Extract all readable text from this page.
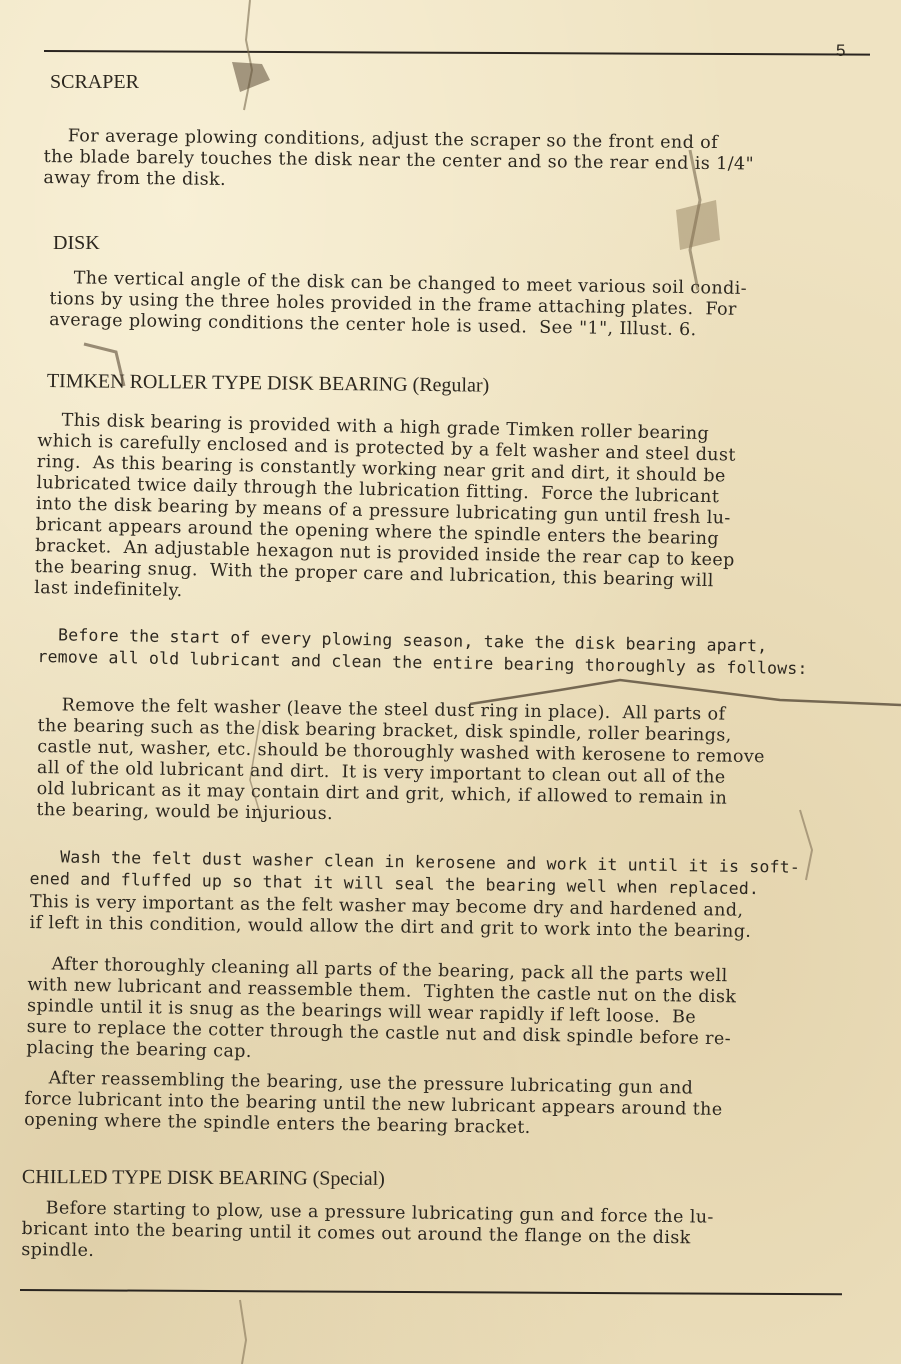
5
SCRAPER

For average plowing conditions, adjust the scraper so the front end of
the blade barely touches the disk near the center and so the rear end is 1/4"
away from the disk.

DISK

The vertical angle of the disk can be changed to meet various soil condi-
tions by using the three holes provided in the frame attaching plates.  For
average plowing conditions the center hole is used.  See "1", Illust. 6.

TIMKEN ROLLER TYPE DISK BEARING (Regular)

This disk bearing is provided with a high grade Timken roller bearing
which is carefully enclosed and is protected by a felt washer and steel dust
ring.  As this bearing is constantly working near grit and dirt, it should be
lubricated twice daily through the lubrication fitting.  Force the lubricant
into the disk bearing by means of a pressure lubricating gun until fresh lu-
bricant appears around the opening where the spindle enters the bearing
bracket.  An adjustable hexagon nut is provided inside the rear cap to keep
the bearing snug.  With the proper care and lubrication, this bearing will
last indefinitely.

Before the start of every plowing season, take the disk bearing apart,
remove all old lubricant and clean the entire bearing thoroughly as follows:

Remove the felt washer (leave the steel dust ring in place).  All parts of
the bearing such as the disk bearing bracket, disk spindle, roller bearings,
castle nut, washer, etc. should be thoroughly washed with kerosene to remove
all of the old lubricant and dirt.  It is very important to clean out all of the
old lubricant as it may contain dirt and grit, which, if allowed to remain in
the bearing, would be injurious.

Wash the felt dust washer clean in kerosene and work it until it is soft-
ened and fluffed up so that it will seal the bearing well when replaced.

This is very important as the felt washer may become dry and hardened and,
if left in this condition, would allow the dirt and grit to work into the bearing.

After thoroughly cleaning all parts of the bearing, pack all the parts well
with new lubricant and reassemble them.  Tighten the castle nut on the disk
spindle until it is snug as the bearings will wear rapidly if left loose.  Be
sure to replace the cotter through the castle nut and disk spindle before re-
placing the bearing cap.

After reassembling the bearing, use the pressure lubricating gun and
force lubricant into the bearing until the new lubricant appears around the
opening where the spindle enters the bearing bracket.

CHILLED TYPE DISK BEARING (Special)

Before starting to plow, use a pressure lubricating gun and force the lu-
bricant into the bearing until it comes out around the flange on the disk
spindle.
